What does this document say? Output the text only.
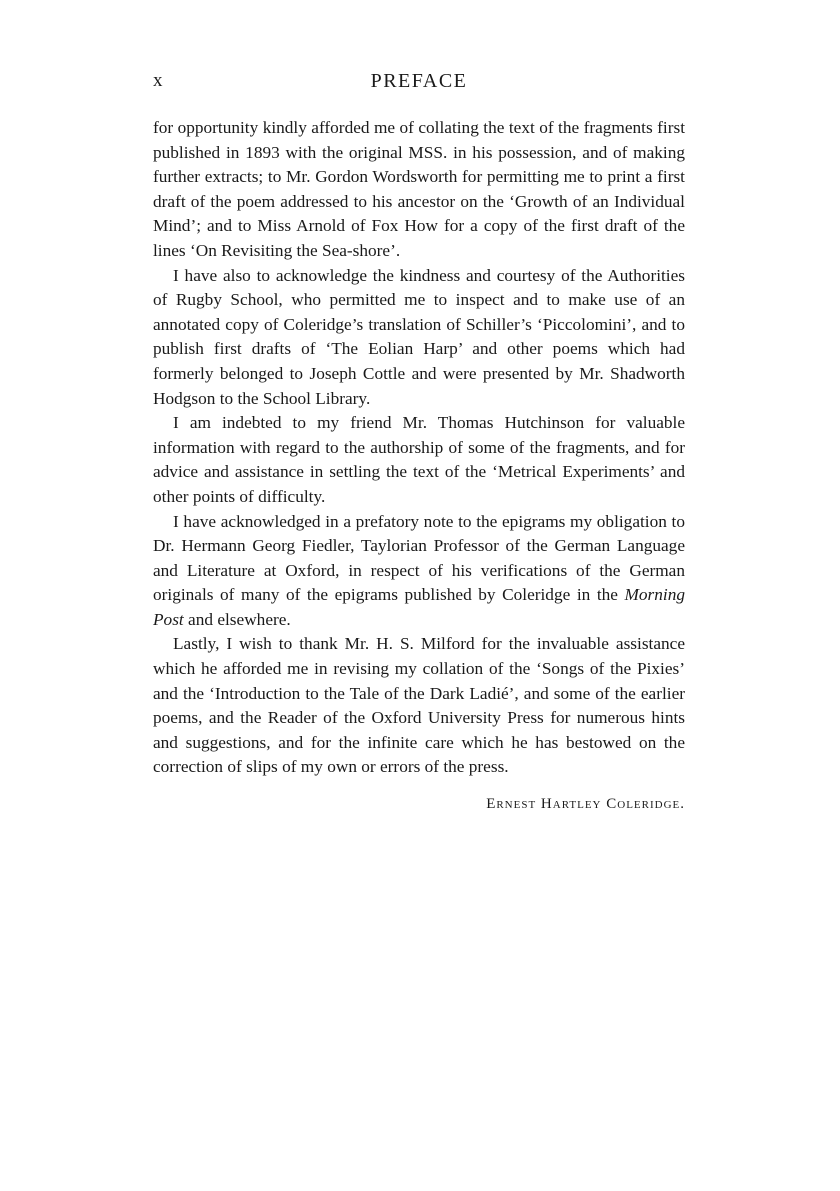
x	PREFACE

for opportunity kindly afforded me of collating the text of the fragments first published in 1893 with the original MSS. in his possession, and of making further extracts; to Mr. Gordon Wordsworth for permitting me to print a first draft of the poem addressed to his ancestor on the ‘Growth of an Individual Mind’; and to Miss Arnold of Fox How for a copy of the first draft of the lines ‘On Revisiting the Sea-shore’.

I have also to acknowledge the kindness and courtesy of the Authorities of Rugby School, who permitted me to inspect and to make use of an annotated copy of Coleridge’s translation of Schiller’s ‘Piccolomini’, and to publish first drafts of ‘The Eolian Harp’ and other poems which had formerly belonged to Joseph Cottle and were presented by Mr. Shadworth Hodgson to the School Library.

I am indebted to my friend Mr. Thomas Hutchinson for valuable information with regard to the authorship of some of the fragments, and for advice and assistance in settling the text of the ‘Metrical Experiments’ and other points of difficulty.

I have acknowledged in a prefatory note to the epigrams my obligation to Dr. Hermann Georg Fiedler, Taylorian Professor of the German Language and Literature at Oxford, in respect of his verifications of the German originals of many of the epigrams published by Coleridge in the Morning Post and elsewhere.

Lastly, I wish to thank Mr. H. S. Milford for the invaluable assistance which he afforded me in revising my collation of the ‘Songs of the Pixies’ and the ‘Introduction to the Tale of the Dark Ladié’, and some of the earlier poems, and the Reader of the Oxford University Press for numerous hints and suggestions, and for the infinite care which he has bestowed on the correction of slips of my own or errors of the press.

Ernest Hartley Coleridge.
